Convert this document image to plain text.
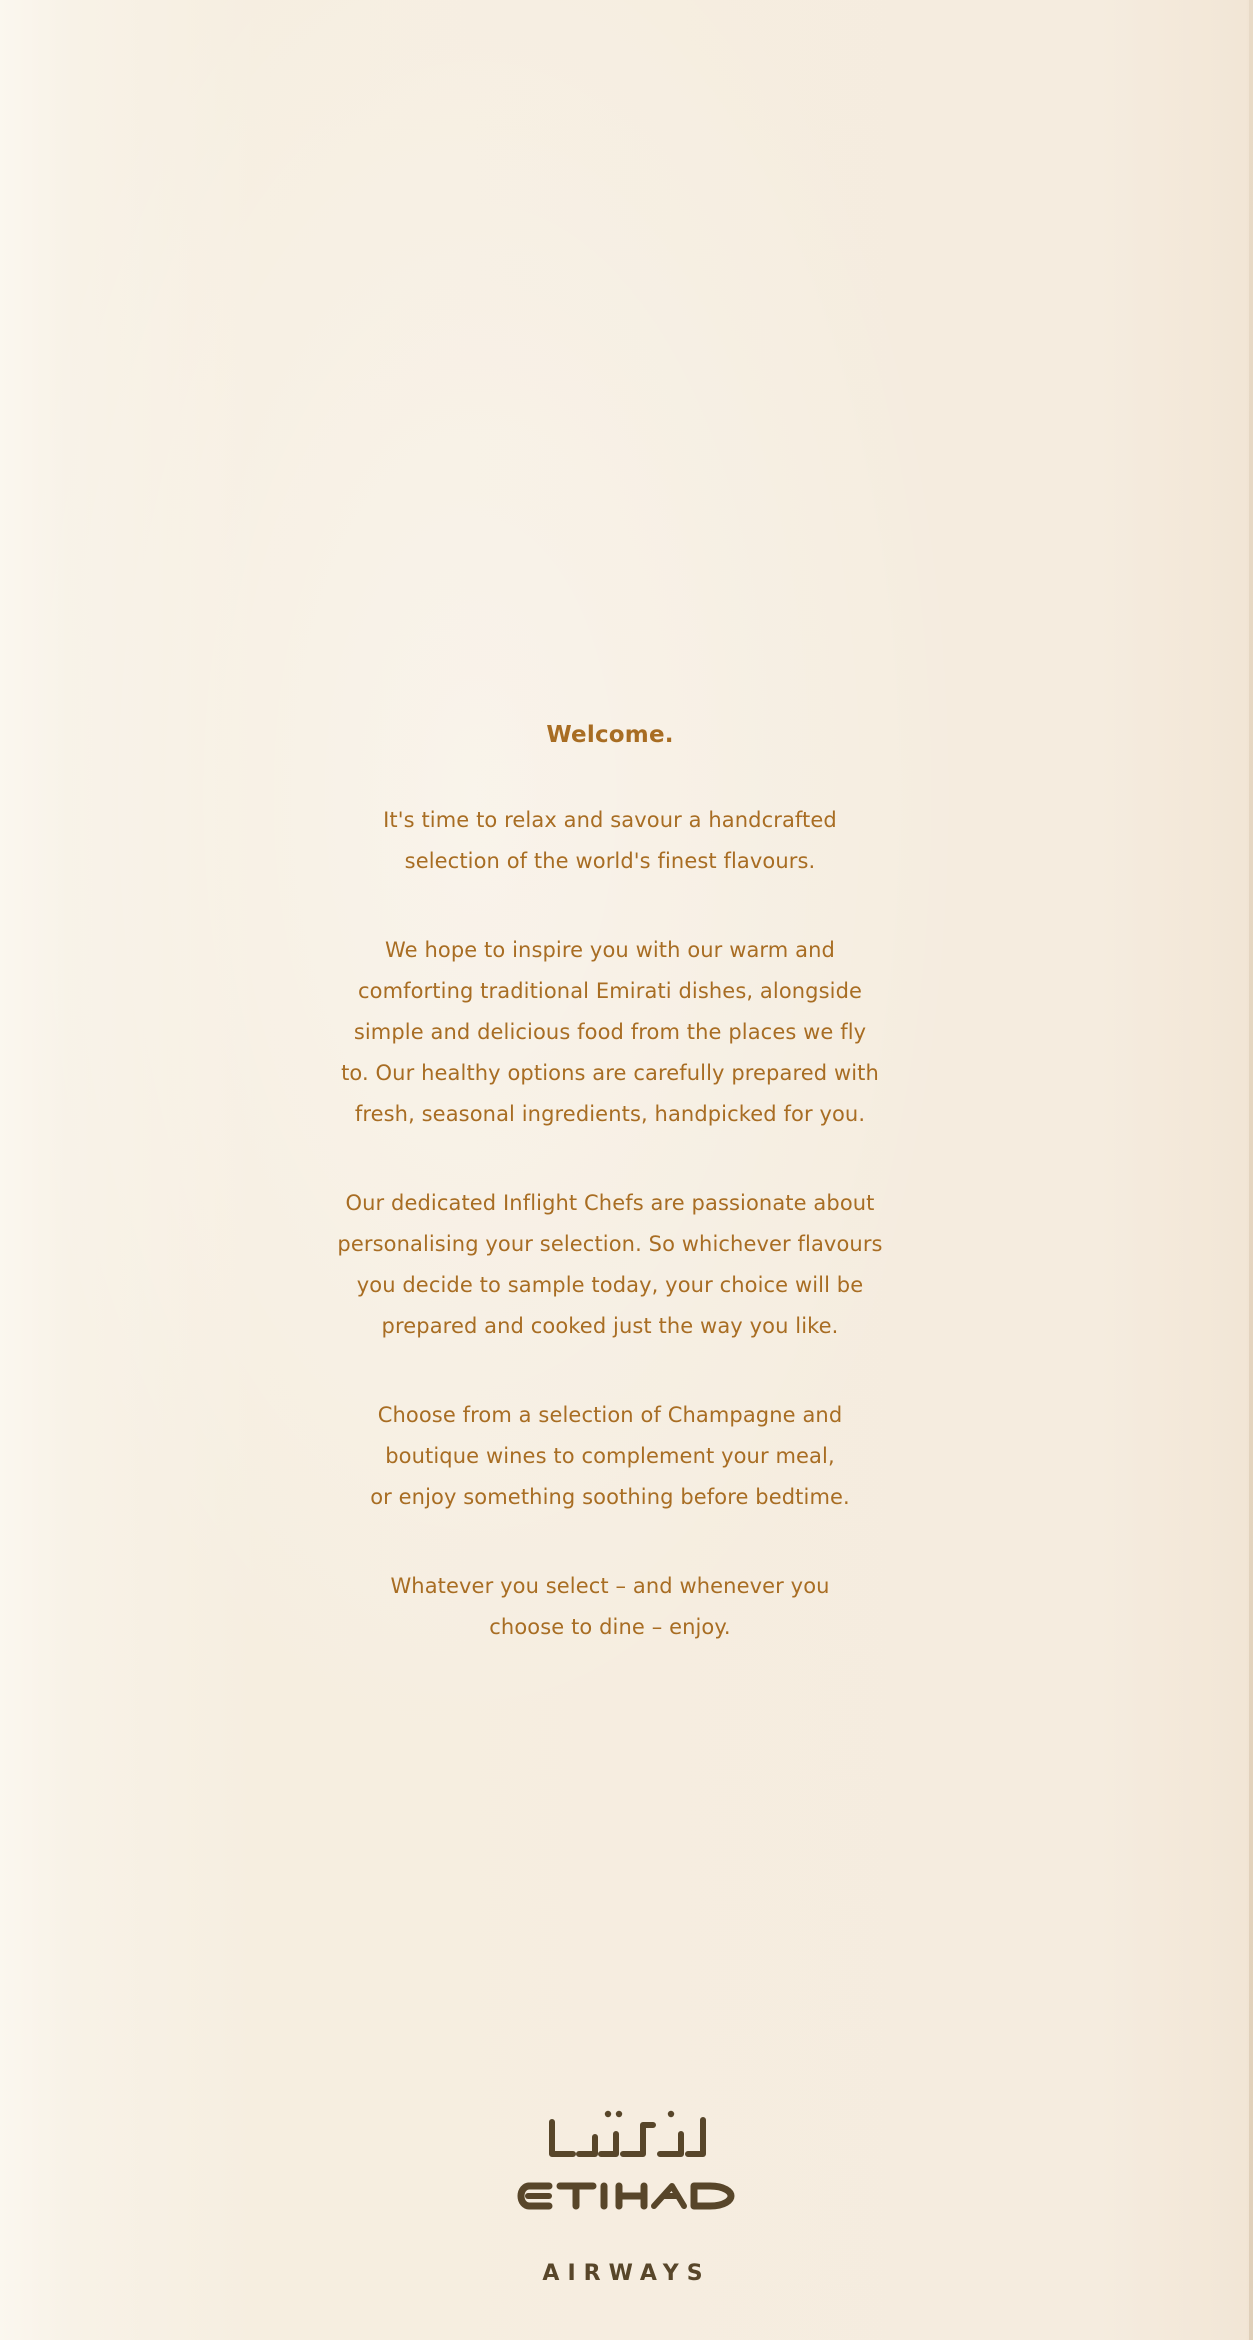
Welcome.

It's time to relax and savour a handcrafted
selection of the world's finest flavours.

We hope to inspire you with our warm and
comforting traditional Emirati dishes, alongside
simple and delicious food from the places we fly
to. Our healthy options are carefully prepared with
fresh, seasonal ingredients, handpicked for you.

Our dedicated Inflight Chefs are passionate about
personalising your selection. So whichever flavours
you decide to sample today, your choice will be
prepared and cooked just the way you like.

Choose from a selection of Champagne and
boutique wines to complement your meal,
or enjoy something soothing before bedtime.

Whatever you select – and whenever you
choose to dine – enjoy.

AIRWAYS
